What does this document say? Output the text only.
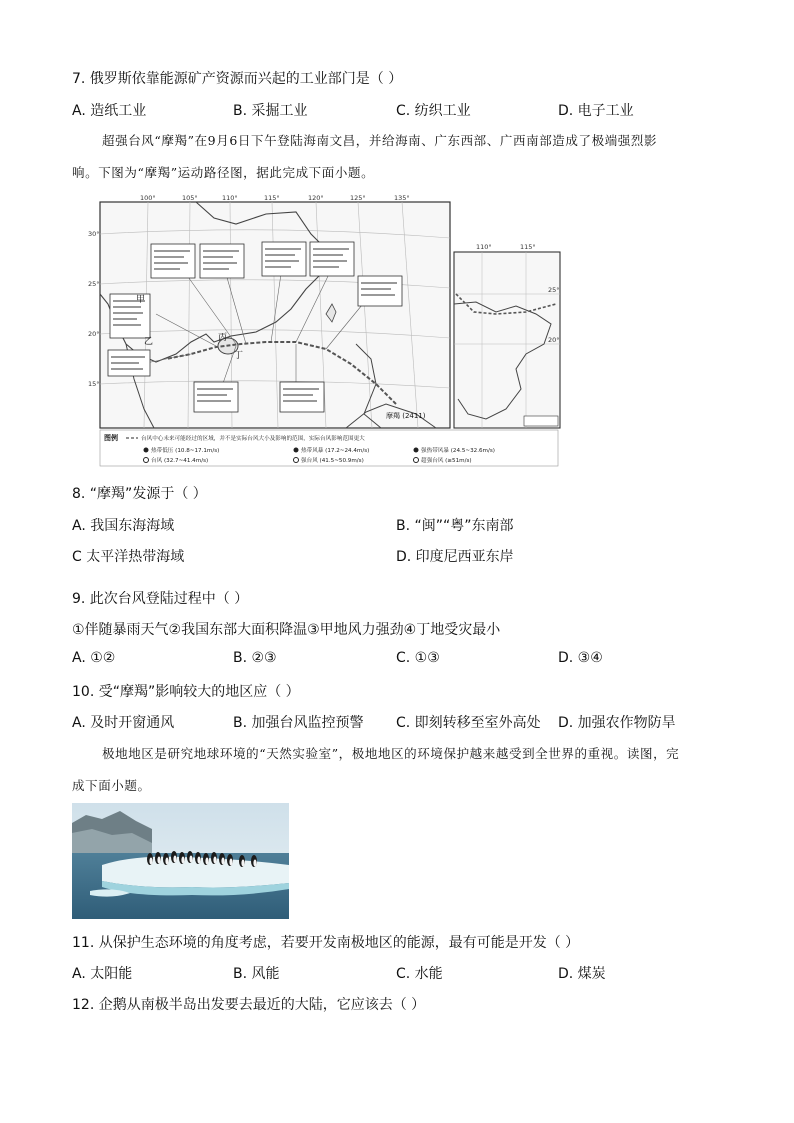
7. 俄罗斯依靠能源矿产资源而兴起的工业部门是（ ）
A. 造纸工业	B. 采掘工业	C. 纺织工业	D. 电子工业
超强台风“摩羯”在9月6日下午登陆海南文昌，并给海南、广东西部、广西南部造成了极端强烈影
响。下图为“摩羯”运动路径图，据此完成下面小题。
100°	105°	110°	115°	120°	125°	135°
30°
25°
20°
15°
甲
乙	丙
丁
摩羯 (2411)
110°	115°
25°
20°
图例	台风中心未来可能经过的区域，并不是实际台风大小及影响的范围，实际台风影响范围更大
热带低压 (10.8~17.1m/s)	热带风暴 (17.2~24.4m/s)	强热带风暴 (24.5~32.6m/s)
台风 (32.7~41.4m/s)	强台风 (41.5~50.9m/s)	超强台风 (≥51m/s)
8. “摩羯”发源于（ ）
A. 我国东海海域	B. “闽”“粤”东南部
C 太平洋热带海域	D. 印度尼西亚东岸
9. 此次台风登陆过程中（ ）
①伴随暴雨天气②我国东部大面积降温③甲地风力强劲④丁地受灾最小
A. ①②	B. ②③	C. ①③	D. ③④
10. 受“摩羯”影响较大的地区应（ ）
A. 及时开窗通风	B. 加强台风监控预警 C. 即刻转移至室外高处 D. 加强农作物防旱
极地地区是研究地球环境的“天然实验室”，极地地区的环境保护越来越受到全世界的重视。读图，完
成下面小题。
11. 从保护生态环境的角度考虑，若要开发南极地区的能源，最有可能是开发（ ）
A. 太阳能	B. 风能	C. 水能	D. 煤炭
12. 企鹅从南极半岛出发要去最近的大陆，它应该去（ ）
